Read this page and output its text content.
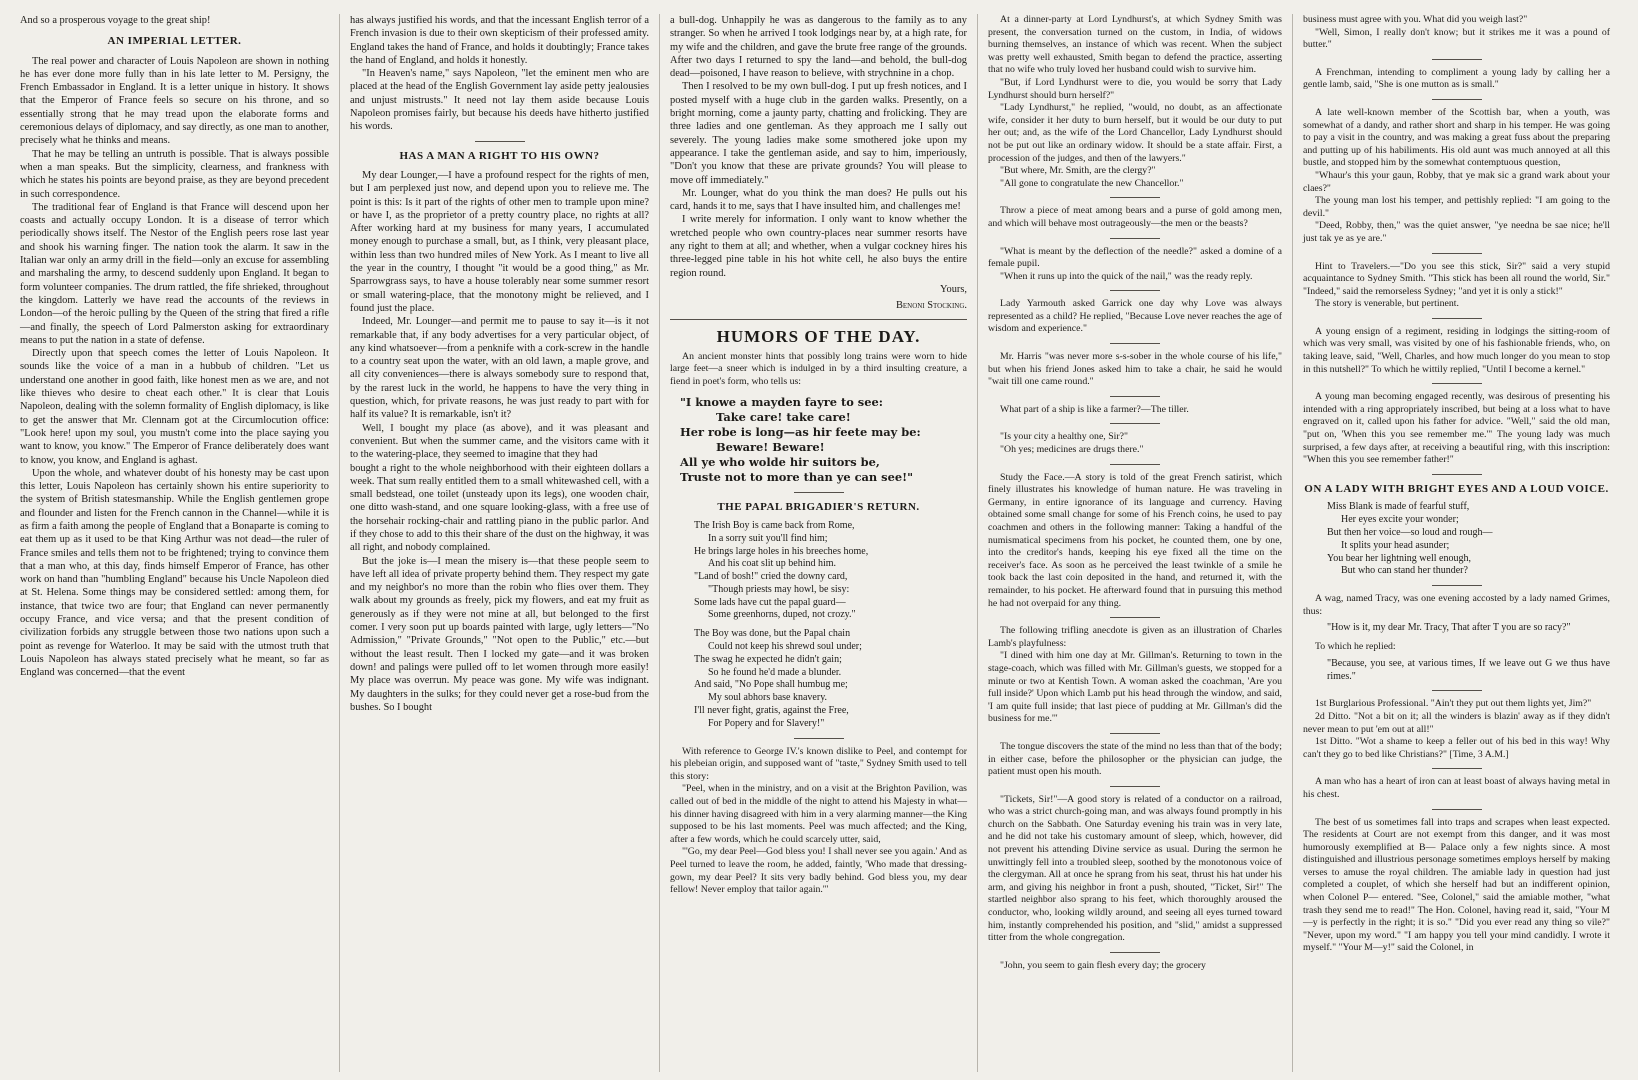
And so a prosperous voyage to the great ship!

AN IMPERIAL LETTER.

The real power and character of Louis Napoleon are shown in nothing he has ever done more fully than in his late letter to M. Persigny, the French Embassador in England. It is a letter unique in history. It shows that the Emperor of France feels so secure on his throne, and so essentially strong that he may tread upon the elaborate forms and ceremonious delays of diplomacy, and say directly, as one man to another, precisely what he thinks and means.

That he may be telling an untruth is possible. That is always possible when a man speaks. But the simplicity, clearness, and frankness with which he states his points are beyond praise, as they are beyond precedent in such correspondence.

The traditional fear of England is that France will descend upon her coasts and actually occupy London. It is a disease of terror which periodically shows itself. The Nestor of the English peers rose last year and shook his warning finger. The nation took the alarm. It saw in the Italian war only an army drill in the field—only an excuse for assembling and marshaling the army, to descend suddenly upon England. It began to form volunteer companies. The drum rattled, the fife shrieked, throughout the kingdom. Latterly we have read the accounts of the reviews in London—of the heroic pulling by the Queen of the string that fired a rifle—and finally, the speech of Lord Palmerston asking for extraordinary means to put the nation in a state of defense.

Directly upon that speech comes the letter of Louis Napoleon. It sounds like the voice of a man in a hubbub of children. "Let us understand one another in good faith, like honest men as we are, and not like thieves who desire to cheat each other." It is clear that Louis Napoleon, dealing with the solemn formality of English diplomacy, is like to get the answer that Mr. Clennam got at the Circumlocution office: "Look here! upon my soul, you mustn't come into the place saying you want to know, you know." The Emperor of France deliberately does want to know, you know, and England is aghast.

Upon the whole, and whatever doubt of his honesty may be cast upon this letter, Louis Napoleon has certainly shown his entire superiority to the system of British statesmanship. While the English gentlemen grope and flounder and listen for the French cannon in the Channel—while it is as firm a faith among the people of England that a Bonaparte is coming to eat them up as it used to be that King Arthur was not dead—the ruler of France smiles and tells them not to be frightened; trying to convince them that a man who, at this day, finds himself Emperor of France, has other work on hand than "humbling England" because his Uncle Napoleon died at St. Helena. Some things may be considered settled: among them, for instance, that twice two are four; that England can never permanently occupy France, and vice versa; and that the present condition of civilization forbids any struggle between those two nations upon such a point as revenge for Waterloo. It may be said with the utmost truth that Louis Napoleon has always stated precisely what he meant, so far as England was concerned—that the event

has always justified his words, and that the incessant English terror of a French invasion is due to their own skepticism of their professed amity. England takes the hand of France, and holds it doubtingly; France takes the hand of England, and holds it honestly.

"In Heaven's name," says Napoleon, "let the eminent men who are placed at the head of the English Government lay aside petty jealousies and unjust mistrusts." It need not lay them aside because Louis Napoleon promises fairly, but because his deeds have hitherto justified his words.

HAS A MAN A RIGHT TO HIS OWN?

My dear Lounger,—I have a profound respect for the rights of men, but I am perplexed just now, and depend upon you to relieve me. The point is this: Is it part of the rights of other men to trample upon mine? or have I, as the proprietor of a pretty country place, no rights at all? After working hard at my business for many years, I accumulated money enough to purchase a small, but, as I think, very pleasant place, within less than two hundred miles of New York. As I meant to live all the year in the country, I thought "it would be a good thing," as Mr. Sparrowgrass says, to have a house tolerably near some summer resort or small watering-place, that the monotony might be relieved, and I found just the place.

Indeed, Mr. Lounger—and permit me to pause to say it—is it not remarkable that, if any body advertises for a very particular object, of any kind whatsoever—from a penknife with a cork-screw in the handle to a country seat upon the water, with an old lawn, a maple grove, and all city conveniences—there is always somebody sure to respond that, by the rarest luck in the world, he happens to have the very thing in question, which, for private reasons, he was just ready to part with for half its value? It is remarkable, isn't it?

Well, I bought my place (as above), and it was pleasant and convenient. But when the summer came, and the visitors came with it to the watering-place, they seemed to imagine that they had

bought a right to the whole neighborhood with their eighteen dollars a week. That sum really entitled them to a small whitewashed cell, with a small bedstead, one toilet (unsteady upon its legs), one wooden chair, one ditto wash-stand, and one square looking-glass, with a free use of the horsehair rocking-chair and rattling piano in the public parlor. And if they chose to add to this their share of the dust on the highway, it was all right, and nobody complained.

But the joke is—I mean the misery is—that these people seem to have left all idea of private property behind them. They respect my gate and my neighbor's no more than the robin who flies over them. They walk about my grounds as freely, pick my flowers, and eat my fruit as generously as if they were not mine at all, but belonged to the first comer. I very soon put up boards painted with large, ugly letters—"No Admission," "Private Grounds," "Not open to the Public," etc.—but without the least result. Then I locked my gate—and it was broken down! and palings were pulled off to let women through more easily! My place was overrun. My peace was gone. My wife was indignant. My daughters in the sulks; for they could never get a rose-bud from the bushes. So I bought

a bull-dog. Unhappily he was as dangerous to the family as to any stranger. So when he arrived I took lodgings near by, at a high rate, for my wife and the children, and gave the brute free range of the grounds. After two days I returned to spy the land—and behold, the bull-dog dead—poisoned, I have reason to believe, with strychnine in a chop.

Then I resolved to be my own bull-dog. I put up fresh notices, and I posted myself with a huge club in the garden walks. Presently, on a bright morning, come a jaunty party, chatting and frolicking. They are three ladies and one gentleman. As they approach me I sally out severely. The young ladies make some smothered joke upon my appearance. I take the gentleman aside, and say to him, imperiously, "Don't you know that these are private grounds? You will please to move off immediately."

Mr. Lounger, what do you think the man does? He pulls out his card, hands it to me, says that I have insulted him, and challenges me!

I write merely for information. I only want to know whether the wretched people who own country-places near summer resorts have any right to them at all; and whether, when a vulgar cockney hires his three-legged pine table in his hot white cell, he also buys the entire region round.

Yours,

Benoni Stocking.

HUMORS OF THE DAY.

An ancient monster hints that possibly long trains were worn to hide large feet—a sneer which is indulged in by a third insulting creature, a fiend in poet's form, who tells us:

"I knowe a mayden fayre to see:
Take care! take care!
Her robe is long—as hir feete may be:
Beware! Beware!
All ye who wolde hir suitors be,
Truste not to more than ye can see!"
THE PAPAL BRIGADIER'S RETURN.
The Irish Boy is came back from Rome,
In a sorry suit you'll find him;
He brings large holes in his breeches home,
And his coat slit up behind him.
"Land of bosh!" cried the downy card,
"Though priests may howl, be sisy:
Some lads have cut the papal guard—
Some greenhorns, duped, not crozy."
The Boy was done, but the Papal chain
Could not keep his shrewd soul under;
The swag he expected he didn't gain;
So he found he'd made a blunder.
And said, "No Pope shall humbug me;
My soul abhors base knavery.
I'll never fight, gratis, against the Free,
For Popery and for Slavery!"

With reference to George IV.'s known dislike to Peel, and contempt for his plebeian origin, and supposed want of "taste," Sydney Smith used to tell this story:

"Peel, when in the ministry, and on a visit at the Brighton Pavilion, was called out of bed in the middle of the night to attend his Majesty in what—his dinner having disagreed with him in a very alarming manner—the King supposed to be his last moments. Peel was much affected; and the King, after a few words, which he could scarcely utter, said,

"'Go, my dear Peel—God bless you! I shall never see you again.' And as Peel turned to leave the room, he added, faintly, 'Who made that dressing-gown, my dear Peel? It sits very badly behind. God bless you, my dear fellow! Never employ that tailor again.'"

At a dinner-party at Lord Lyndhurst's, at which Sydney Smith was present, the conversation turned on the custom, in India, of widows burning themselves, an instance of which was recent. When the subject was pretty well exhausted, Smith began to defend the practice, asserting that no wife who truly loved her husband could wish to survive him.

"But, if Lord Lyndhurst were to die, you would be sorry that Lady Lyndhurst should burn herself?"

"Lady Lyndhurst," he replied, "would, no doubt, as an affectionate wife, consider it her duty to burn herself, but it would be our duty to put her out; and, as the wife of the Lord Chancellor, Lady Lyndhurst should not be put out like an ordinary widow. It should be a state affair. First, a procession of the judges, and then of the lawyers."

"But where, Mr. Smith, are the clergy?"

"All gone to congratulate the new Chancellor."

Throw a piece of meat among bears and a purse of gold among men, and which will behave most outrageously—the men or the beasts?

"What is meant by the deflection of the needle?" asked a domine of a female pupil.

"When it runs up into the quick of the nail," was the ready reply.

Lady Yarmouth asked Garrick one day why Love was always represented as a child? He replied, "Because Love never reaches the age of wisdom and experience."

Mr. Harris "was never more s-s-sober in the whole course of his life," but when his friend Jones asked him to take a chair, he said he would "wait till one came round."

What part of a ship is like a farmer?—The tiller.

"Is your city a healthy one, Sir?"

"Oh yes; medicines are drugs there."

Study the Face.—A story is told of the great French satirist, which finely illustrates his knowledge of human nature. He was traveling in Germany, in entire ignorance of its language and currency. Having obtained some small change for some of his French coins, he used to pay coachmen and others in the following manner: Taking a handful of the numismatical specimens from his pocket, he counted them, one by one, into the creditor's hands, keeping his eye fixed all the time on the receiver's face. As soon as he perceived the least twinkle of a smile he took back the last coin deposited in the hand, and returned it, with the remainder, to his pocket. He afterward found that in pursuing this method he had not overpaid for any thing.

The following trifling anecdote is given as an illustration of Charles Lamb's playfulness:

"I dined with him one day at Mr. Gillman's. Returning to town in the stage-coach, which was filled with Mr. Gillman's guests, we stopped for a minute or two at Kentish Town. A woman asked the coachman, 'Are you full inside?' Upon which Lamb put his head through the window, and said, 'I am quite full inside; that last piece of pudding at Mr. Gillman's did the business for me.'"

The tongue discovers the state of the mind no less than that of the body; in either case, before the philosopher or the physician can judge, the patient must open his mouth.

"Tickets, Sir!"—A good story is related of a conductor on a railroad, who was a strict church-going man, and was always found promptly in his church on the Sabbath. One Saturday evening his train was in very late, and he did not take his customary amount of sleep, which, however, did not prevent his attending Divine service as usual. During the sermon he unwittingly fell into a troubled sleep, soothed by the monotonous voice of the clergyman. All at once he sprang from his seat, thrust his hat under his arm, and giving his neighbor in front a push, shouted, "Ticket, Sir!" The startled neighbor also sprang to his feet, which thoroughly aroused the conductor, who, looking wildly around, and seeing all eyes turned toward him, instantly comprehended his position, and "slid," amidst a suppressed titter from the whole congregation.

"John, you seem to gain flesh every day; the grocery

business must agree with you. What did you weigh last?"

"Well, Simon, I really don't know; but it strikes me it was a pound of butter."

A Frenchman, intending to compliment a young lady by calling her a gentle lamb, said, "She is one mutton as is small."

A late well-known member of the Scottish bar, when a youth, was somewhat of a dandy, and rather short and sharp in his temper. He was going to pay a visit in the country, and was making a great fuss about the preparing and putting up of his habiliments. His old aunt was much annoyed at all this bustle, and stopped him by the somewhat contemptuous question,

"Whaur's this your gaun, Robby, that ye mak sic a grand wark about your claes?"

The young man lost his temper, and pettishly replied: "I am going to the devil."

"Deed, Robby, then," was the quiet answer, "ye needna be sae nice; he'll just tak ye as ye are."

Hint to Travelers.—"Do you see this stick, Sir?" said a very stupid acquaintance to Sydney Smith. "This stick has been all round the world, Sir." "Indeed," said the remorseless Sydney; "and yet it is only a stick!"

The story is venerable, but pertinent.

A young ensign of a regiment, residing in lodgings the sitting-room of which was very small, was visited by one of his fashionable friends, who, on taking leave, said, "Well, Charles, and how much longer do you mean to stop in this nutshell?" To which he wittily replied, "Until I become a kernel."

A young man becoming engaged recently, was desirous of presenting his intended with a ring appropriately inscribed, but being at a loss what to have engraved on it, called upon his father for advice. "Well," said the old man, "put on, 'When this you see remember me.'" The young lady was much surprised, a few days after, at receiving a beautiful ring, with this inscription: "When this you see remember father!"

ON A LADY WITH BRIGHT EYES AND A LOUD VOICE.
Miss Blank is made of fearful stuff,
Her eyes excite your wonder;
But then her voice—so loud and rough—
It splits your head asunder;
You bear her lightning well enough,
But who can stand her thunder?

A wag, named Tracy, was one evening accosted by a lady named Grimes, thus:

"How is it, my dear Mr. Tracy, That after T you are so racy?"

To which he replied:

"Because, you see, at various times, If we leave out G we thus have rimes."

1st Burglarious Professional. "Ain't they put out them lights yet, Jim?"

2d Ditto. "Not a bit on it; all the winders is blazin' away as if they didn't never mean to put 'em out at all!"

1st Ditto. "Wot a shame to keep a feller out of his bed in this way! Why can't they go to bed like Christians?" [Time, 3 A.M.]

A man who has a heart of iron can at least boast of always having metal in his chest.

The best of us sometimes fall into traps and scrapes when least expected. The residents at Court are not exempt from this danger, and it was most humorously exemplified at B— Palace only a few nights since. A most distinguished and illustrious personage sometimes employs herself by making verses to amuse the royal children. The amiable lady in question had just completed a couplet, of which she herself had but an indifferent opinion, when Colonel P— entered. "See, Colonel," said the amiable mother, "what trash they send me to read!" The Hon. Colonel, having read it, said, "Your M—y is perfectly in the right; it is so." "Did you ever read any thing so vile?" "Never, upon my word." "I am happy you tell your mind candidly. I wrote it myself." "Your M—y!" said the Colonel, in
